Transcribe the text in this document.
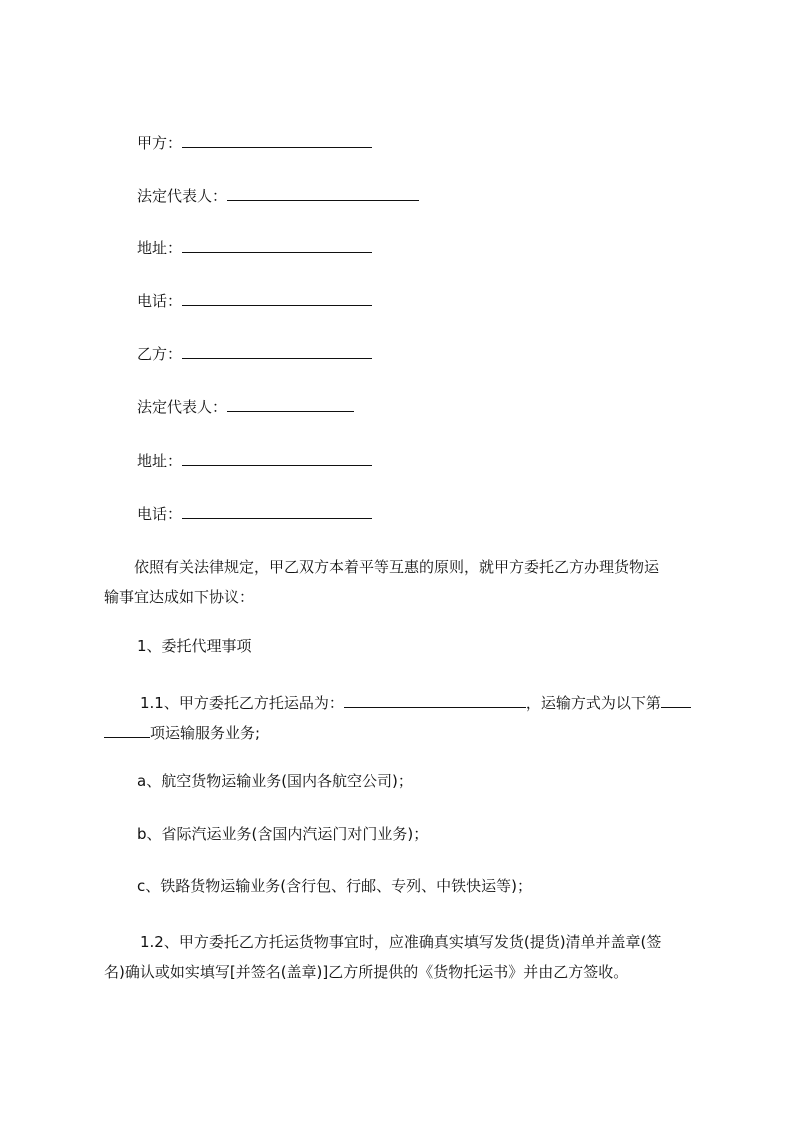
甲方：
法定代表人：
地址：
电话：
乙方：
法定代表人：
地址：
电话：
依照有关法律规定，甲乙双方本着平等互惠的原则，就甲方委托乙方办理货物运
输事宜达成如下协议：
1、委托代理事项
1.1、甲方委托乙方托运品为：	，运输方式为以下第
项运输服务业务;
a、航空货物运输业务(国内各航空公司)；
b、省际汽运业务(含国内汽运门对门业务)；
c、铁路货物运输业务(含行包、行邮、专列、中铁快运等)；
1.2、甲方委托乙方托运货物事宜时，应准确真实填写发货(提货)清单并盖章(签
名)确认或如实填写[并签名(盖章)]乙方所提供的《货物托运书》并由乙方签收。
